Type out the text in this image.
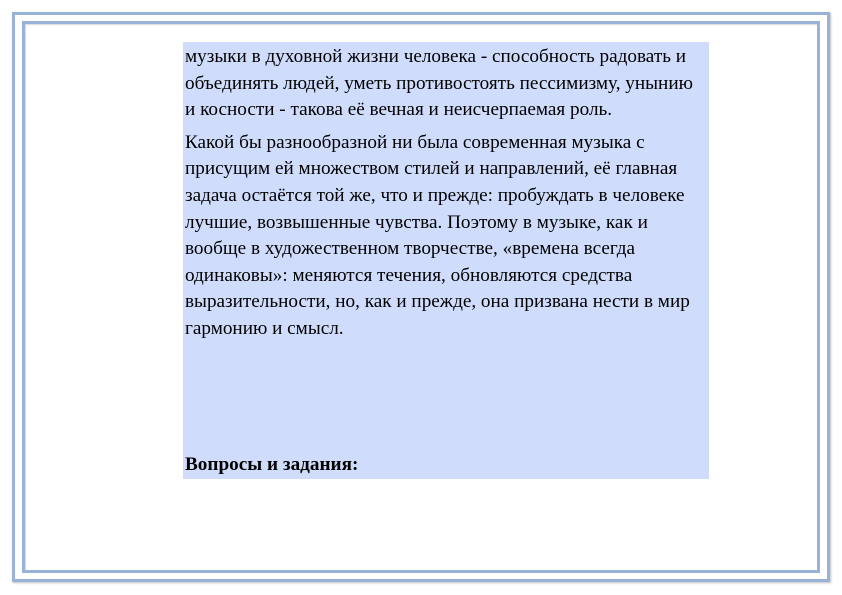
музыки в духовной жизни человека - способность радовать и объединять людей, уметь противостоять пессимизму, унынию и косности - такова её вечная и неисчерпаемая роль.

Какой бы разнообразной ни была современная музыка с присущим ей множеством стилей и направлений, её главная задача остаётся той же, что и прежде: пробуждать в человеке лучшие, возвышенные чувства. Поэтому в музыке, как и вообще в художественном творчестве, «времена всегда одинаковы»: меняются течения, обновляются средства выразительности, но, как и прежде, она призвана нести в мир гармонию и смысл.

Вопросы и задания:
